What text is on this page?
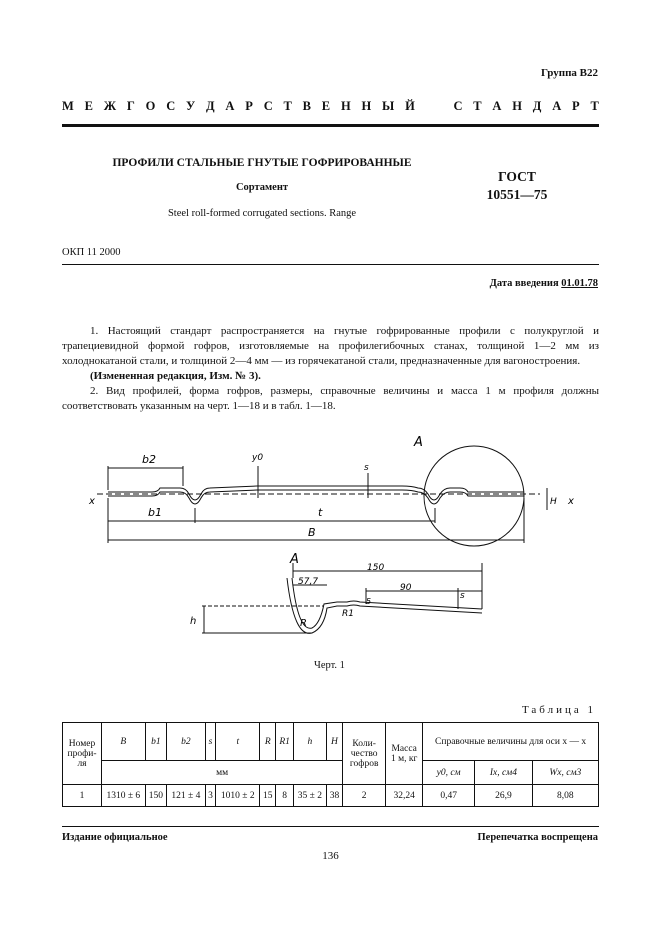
Группа В22
М Е Ж Г О С У Д А Р С Т В Е Н Н Ы Й

	С Т А Н Д А Р Т
ПРОФИЛИ СТАЛЬНЫЕ ГНУТЫЕ ГОФРИРОВАННЫЕ
Сортамент
Steel roll-formed corrugated sections. Range
ГОСТ
10551—75
ОКП 11 2000
Дата введения 01.01.78

1. Настоящий стандарт распространяется на гнутые гофрированные профили с полукруглой и трапециевидной формой гофров, изготовляемые на профилегибочных станах, толщиной 1—2 мм из холоднокатаной стали, и толщиной 2—4 мм — из горячекатаной стали, предназначенные для вагоностроения.

(Измененная редакция, Изм. № 3).

2. Вид профилей, форма гофров, размеры, справочные величины и масса 1 м профиля должны соответствовать указанным на черт. 1—18 и в табл. 1—18.

b2
b1	t
B
y0
s
A
x	x
H
A
150
57,7
90
R
R1
h
s
5
Черт. 1
Таблица 1
Номер профи- ля	B	b1	b2	s	t	R	R1	h	H	Коли- чество гофров	Масса 1 м, кг	Справочные величины для оси x — x		
	мм											y0, см	Ix, см4	Wx, см3
1	1310 ± 6	150	121 ± 4	3	1010 ± 2	15	8	35 ± 2	38	2	32,24	0,47	26,9	8,08
Издание официальное	Перепечатка воспрещена
136
